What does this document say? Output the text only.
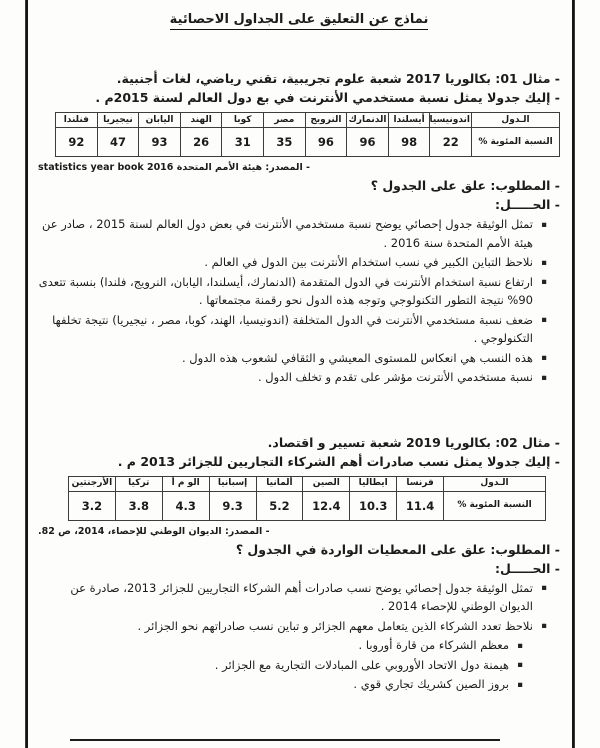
نماذج عن التعليق على الجداول الاحصائية

- مثال 01: بكالوريا 2017 شعبة علوم تجريبية، تقني رياضي، لغات أجنبية.

- إليك جدولا يمثل نسبة مستخدمي الأنترنت في بع دول العالم لسنة 2015م .

الـدول	اندونيسيا	أيسلندا	الدنمارك	النرويج	مصر	كوبا	الهند	اليابان	نيجيريا	فنلندا
النسبة المئوية %	22	98	96	96	35	31	26	93	47	92

- المصدر: هيئة الأمم المتحدة statistics year book 2016

- المطلوب: علق على الجدول ؟

- الحـــــل:

▪ تمثل الوثيقة جدول إحصائي يوضح نسبة مستخدمي الأنترنت في بعض دول العالم لسنة 2015 ، صادر عن هيئة الأمم المتحدة سنة 2016 .
▪ نلاحظ التباين الكبير في نسب استخدام الأنترنت بين الدول في العالم .
▪ ارتفاع نسبة استخدام الأنترنت في الدول المتقدمة (الدنمارك، أيسلندا، اليابان، النرويج، فلندا) بنسبة تتعدى 90% نتيجة التطور التكنولوجي وتوجه هذه الدول نحو رقمنة مجتمعاتها .
▪ ضعف نسبة مستخدمي الأنترنت في الدول المتخلفة (اندونيسيا، الهند، كوبا، مصر ، نيجيريا) نتيجة تخلفها التكنولوجي .
▪ هذه النسب هي انعكاس للمستوى المعيشي و الثقافي لشعوب هذه الدول .
▪ نسبة مستخدمي الأنترنت مؤشر على تقدم و تخلف الدول .

- مثال 02: بكالوريا 2019 شعبة تسيير و اقتصاد.

- إليك جدولا يمثل نسب صادرات أهم الشركاء التجاريين للجزائر 2013 م .

الـدول	فرنسا	ايطاليا	الصين	ألمانيا	إسبانيا	الو م أ	تركيا	الأرجنتين
النسبة المئوية %	11.4	10.3	12.4	5.2	9.3	4.3	3.8	3.2

- المصدر: الديوان الوطني للإحصاء، 2014، ص 82.

- المطلوب: علق على المعطيات الواردة في الجدول ؟

- الحـــــل:

▪ تمثل الوثيقة جدول إحصائي يوضح نسب صادرات أهم الشركاء التجاريين للجزائر 2013، صادرة عن الديوان الوطني للإحصاء 2014 .
▪ نلاحظ تعدد الشركاء الذين يتعامل معهم الجزائر و تباين نسب صادراتهم نحو الجزائر .
▪ معظم الشركاء من قارة أوروبا .
▪ هيمنة دول الاتحاد الأوروبي على المبادلات التجارية مع الجزائر .
▪ بروز الصين كشريك تجاري قوي .
